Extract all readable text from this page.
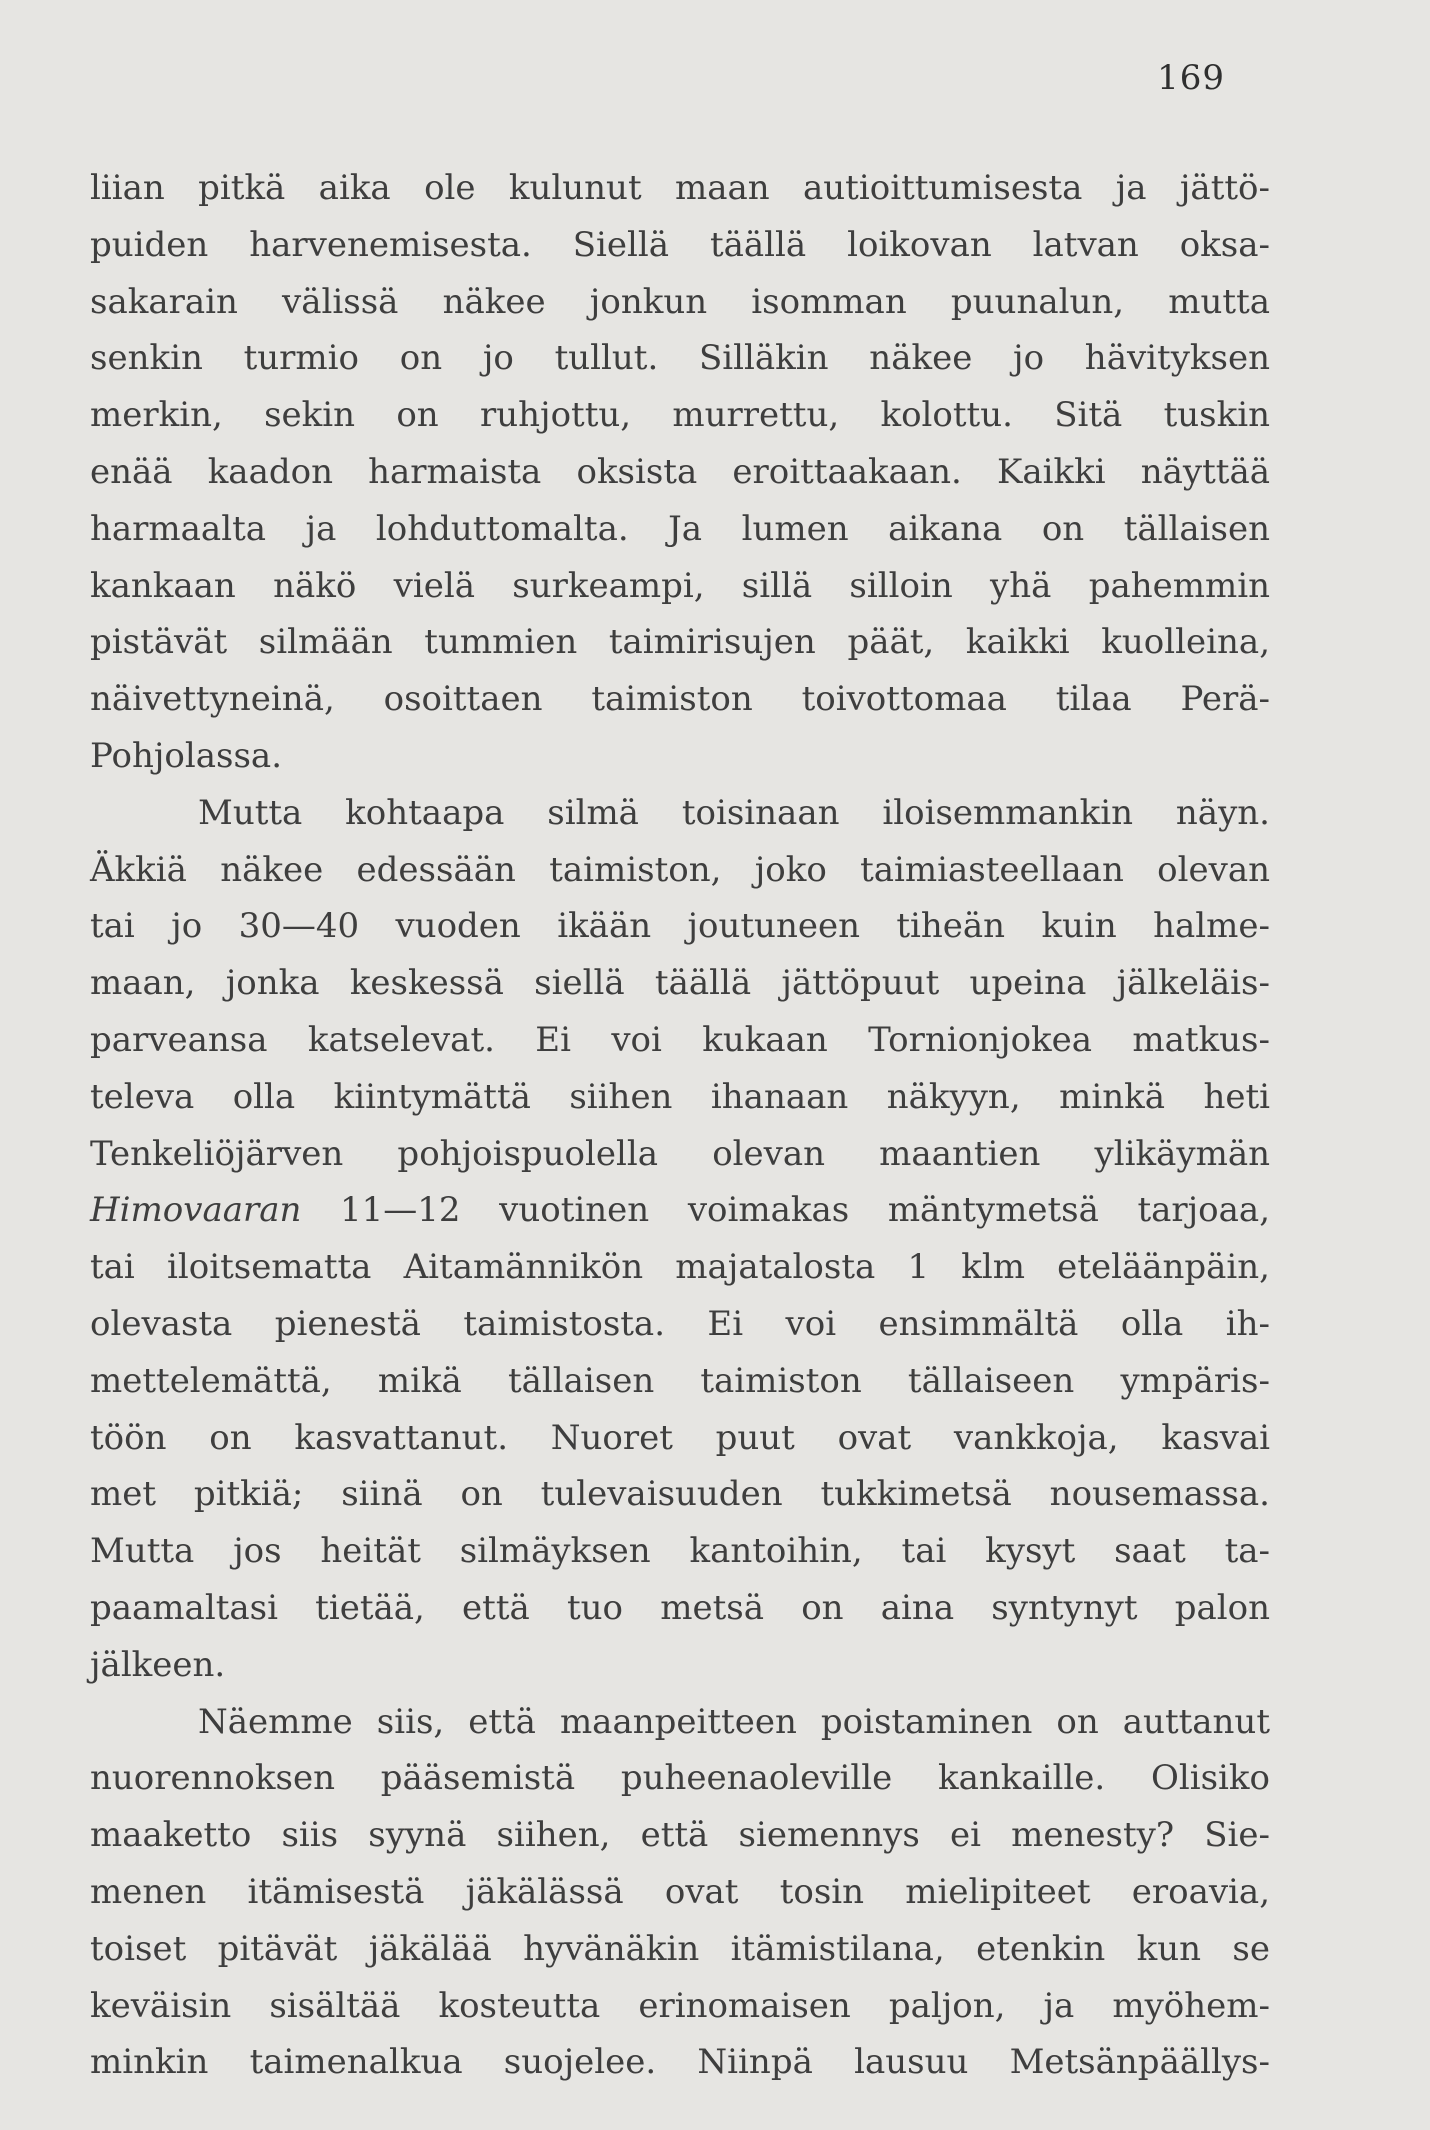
169
liian pitkä aika ole kulunut maan autioittumisesta ja jättö-
puiden harvenemisesta. Siellä täällä loikovan latvan oksa-
sakarain välissä näkee jonkun isomman puunalun, mutta
senkin turmio on jo tullut. Silläkin näkee jo hävityksen
merkin, sekin on ruhjottu, murrettu, kolottu. Sitä tuskin
enää kaadon harmaista oksista eroittaakaan. Kaikki näyttää
harmaalta ja lohduttomalta. Ja lumen aikana on tällaisen
kankaan näkö vielä surkeampi, sillä silloin yhä pahemmin
pistävät silmään tummien taimirisujen päät, kaikki kuolleina,
näivettyneinä, osoittaen taimiston toivottomaa tilaa Perä-
Pohjolassa.
Mutta kohtaapa silmä toisinaan iloisemmankin näyn.
Äkkiä näkee edessään taimiston, joko taimiasteellaan olevan
tai jo 30—40 vuoden ikään joutuneen tiheän kuin halme-
maan, jonka keskessä siellä täällä jättöpuut upeina jälkeläis-
parveansa katselevat. Ei voi kukaan Tornionjokea matkus-
televa olla kiintymättä siihen ihanaan näkyyn, minkä heti
Tenkeliöjärven pohjoispuolella olevan maantien ylikäymän
Himovaaran 11—12 vuotinen voimakas mäntymetsä tarjoaa,
tai iloitsematta Aitamännikön majatalosta 1 klm eteläänpäin,
olevasta pienestä taimistosta. Ei voi ensimmältä olla ih-
mettelemättä, mikä tällaisen taimiston tällaiseen ympäris-
töön on kasvattanut. Nuoret puut ovat vankkoja, kasvai
met pitkiä; siinä on tulevaisuuden tukkimetsä nousemassa.
Mutta jos heität silmäyksen kantoihin, tai kysyt saat ta-
paamaltasi tietää, että tuo metsä on aina syntynyt palon
jälkeen.
Näemme siis, että maanpeitteen poistaminen on auttanut
nuorennoksen pääsemistä puheenaoleville kankaille. Olisiko
maaketto siis syynä siihen, että siemennys ei menesty? Sie-
menen itämisestä jäkälässä ovat tosin mielipiteet eroavia,
toiset pitävät jäkälää hyvänäkin itämistilana, etenkin kun se
keväisin sisältää kosteutta erinomaisen paljon, ja myöhem-
minkin taimenalkua suojelee. Niinpä lausuu Metsänpäällys-
